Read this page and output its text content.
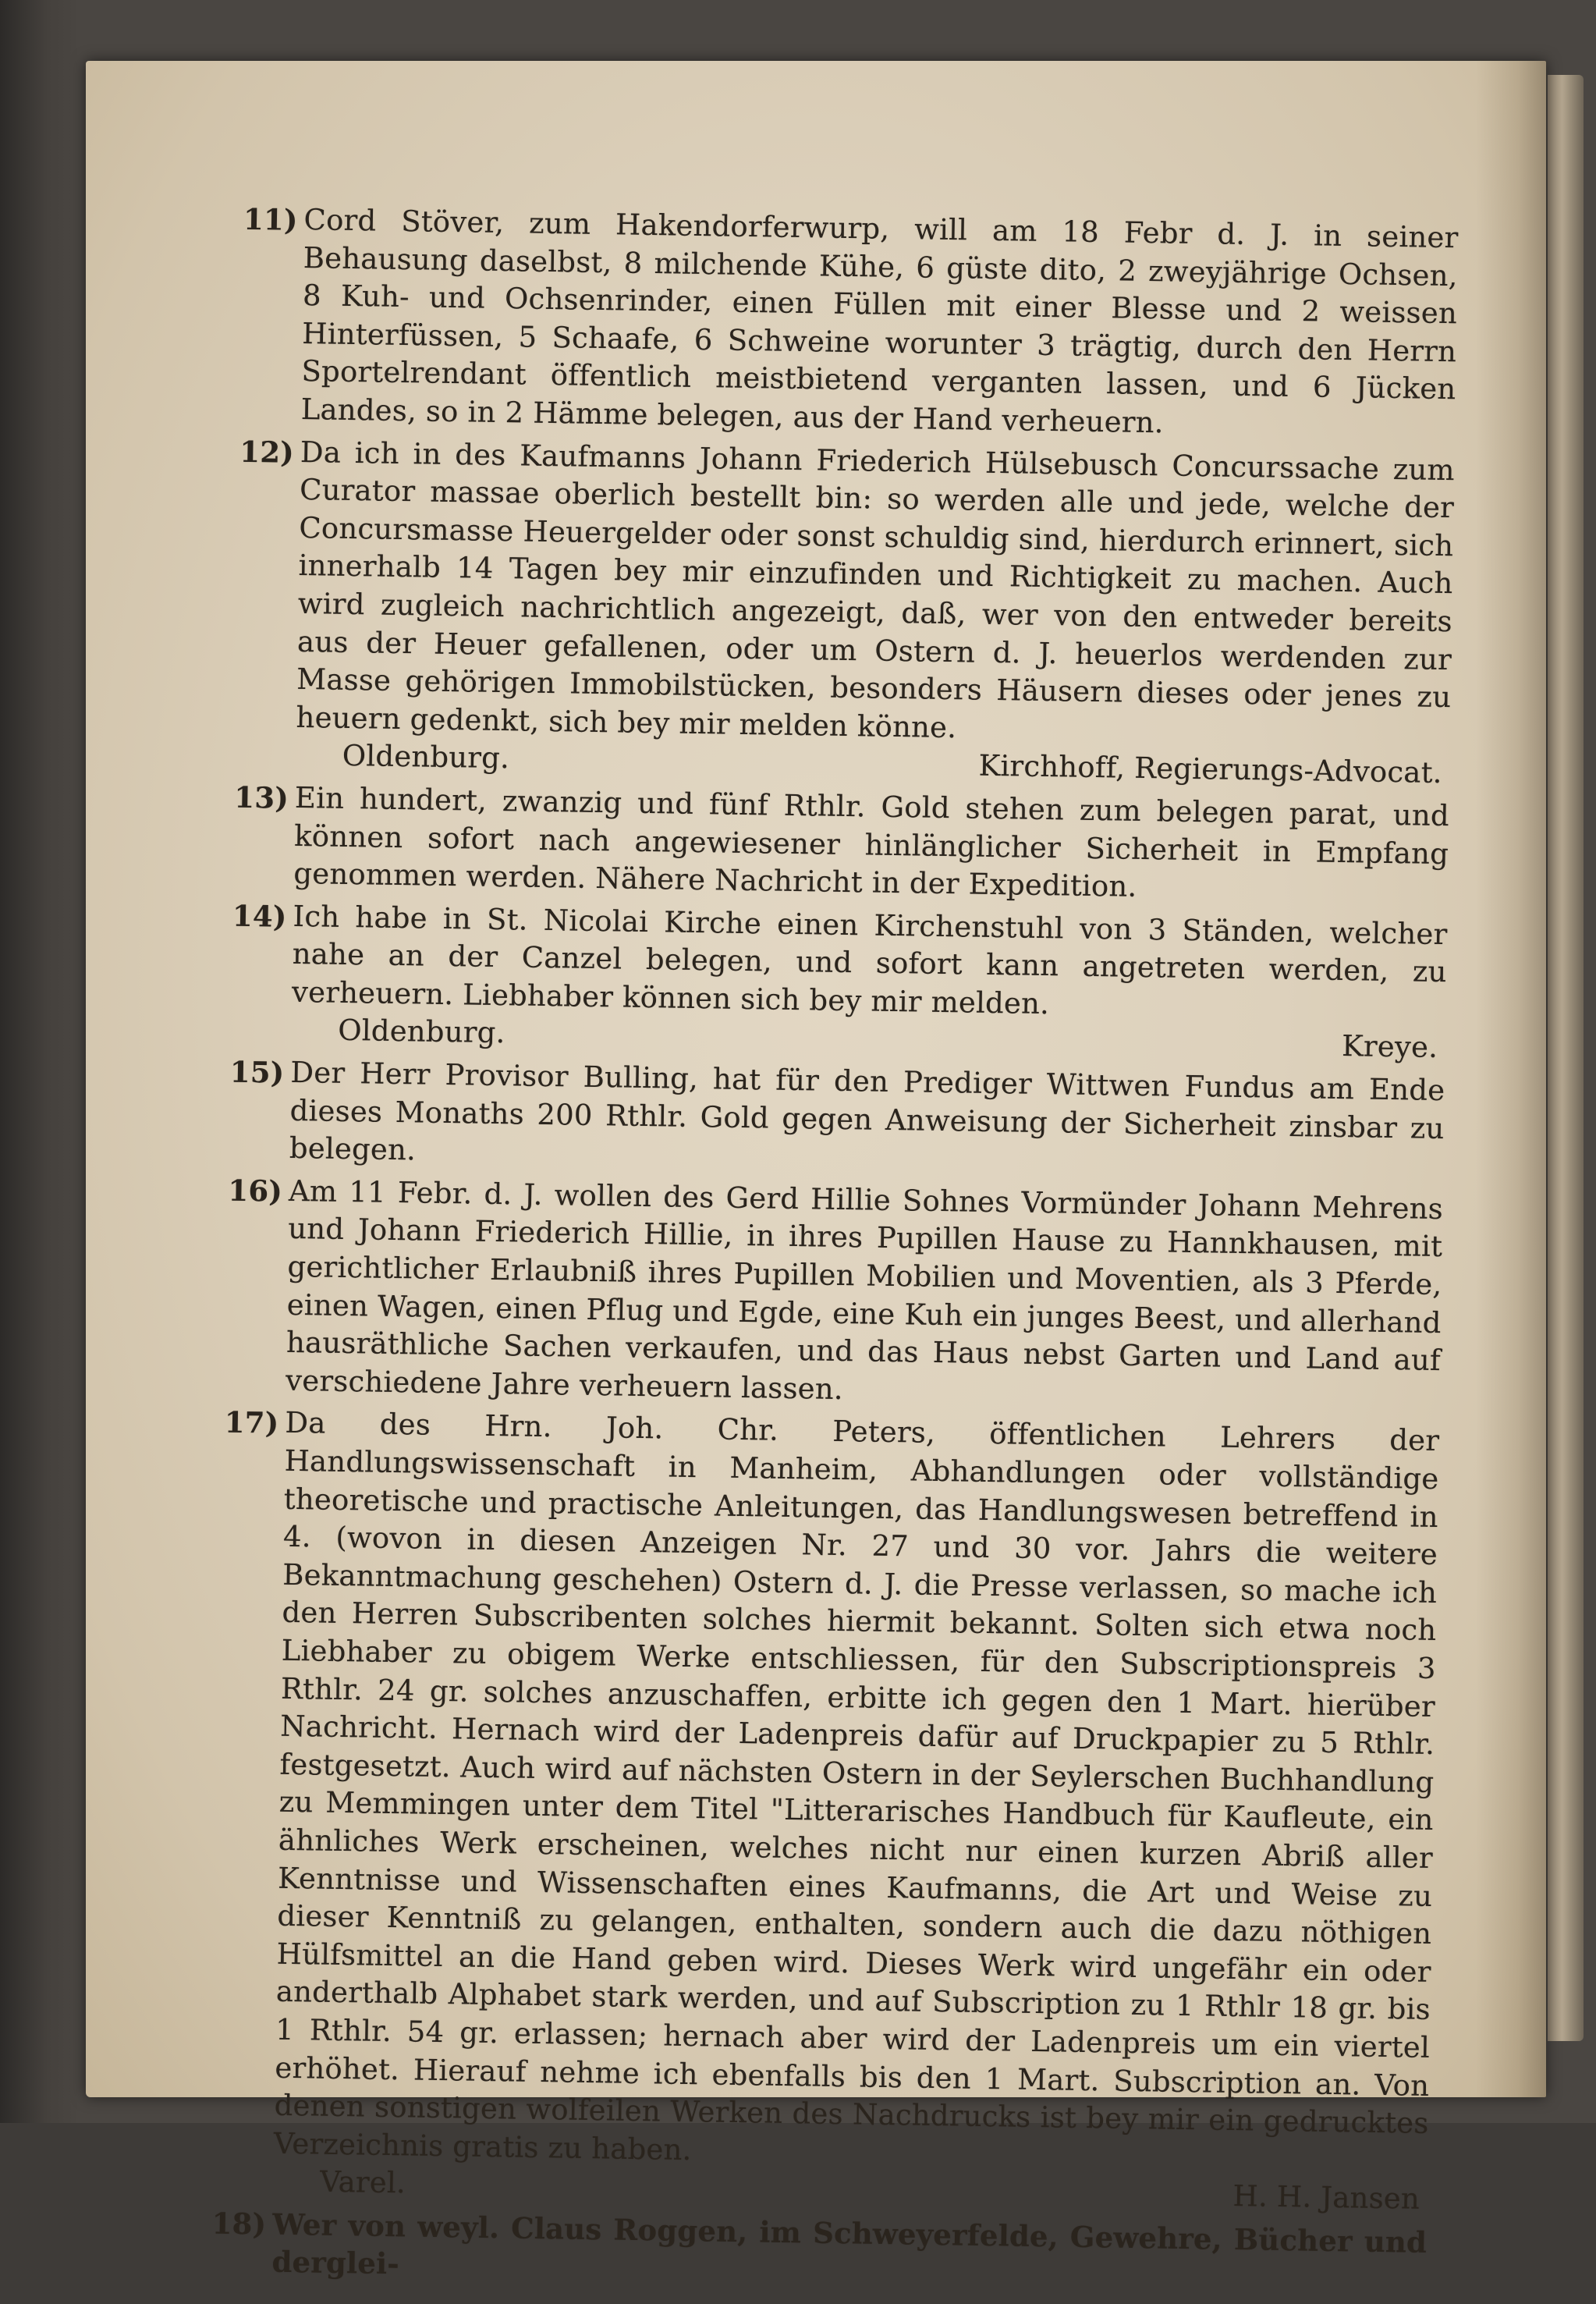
11) Cord Stöver, zum Hakendorferwurp, will am 18 Febr d. J. in seiner Behausung daselbst, 8 milchende Kühe, 6 güste dito, 2 zweyjährige Ochsen, 8 Kuh- und Ochsenrinder, einen Füllen mit einer Blesse und 2 weissen Hinterfüssen, 5 Schaafe, 6 Schweine worunter 3 trägtig, durch den Herrn Sportelrendant öffentlich meistbietend verganten lassen, und 6 Jücken Landes, so in 2 Hämme belegen, aus der Hand verheuern.
12) Da ich in des Kaufmanns Johann Friederich Hülsebusch Concurssache zum Curator massae oberlich bestellt bin: so werden alle und jede, welche der Concursmasse Heuergelder oder sonst schuldig sind, hierdurch erinnert, sich innerhalb 14 Tagen bey mir einzufinden und Richtigkeit zu machen. Auch wird zugleich nachrichtlich angezeigt, daß, wer von den entweder bereits aus der Heuer gefallenen, oder um Ostern d. J. heuerlos werdenden zur Masse gehörigen Immobilstücken, besonders Häusern dieses oder jenes zu heuern gedenkt, sich bey mir melden könne.
Oldenburg.	Kirchhoff, Regierungs-Advocat.
13) Ein hundert, zwanzig und fünf Rthlr. Gold stehen zum belegen parat, und können sofort nach angewiesener hinlänglicher Sicherheit in Empfang genommen werden. Nähere Nachricht in der Expedition.
14) Ich habe in St. Nicolai Kirche einen Kirchenstuhl von 3 Ständen, welcher nahe an der Canzel belegen, und sofort kann angetreten werden, zu verheuern. Liebhaber können sich bey mir melden.
Oldenburg.	Kreye.
15) Der Herr Provisor Bulling, hat für den Prediger Wittwen Fundus am Ende dieses Monaths 200 Rthlr. Gold gegen Anweisung der Sicherheit zinsbar zu belegen.
16) Am 11 Febr. d. J. wollen des Gerd Hillie Sohnes Vormünder Johann Mehrens und Johann Friederich Hillie, in ihres Pupillen Hause zu Hannkhausen, mit gerichtlicher Erlaubniß ihres Pupillen Mobilien und Moventien, als 3 Pferde, einen Wagen, einen Pflug und Egde, eine Kuh ein junges Beest, und allerhand hausräthliche Sachen verkaufen, und das Haus nebst Garten und Land auf verschiedene Jahre verheuern lassen.
17) Da des Hrn. Joh. Chr. Peters, öffentlichen Lehrers der Handlungswissenschaft in Manheim, Abhandlungen oder vollständige theoretische und practische Anleitungen, das Handlungswesen betreffend in 4. (wovon in diesen Anzeigen Nr. 27 und 30 vor. Jahrs die weitere Bekanntmachung geschehen) Ostern d. J. die Presse verlassen, so mache ich den Herren Subscribenten solches hiermit bekannt. Solten sich etwa noch Liebhaber zu obigem Werke entschliessen, für den Subscriptionspreis 3 Rthlr. 24 gr. solches anzuschaffen, erbitte ich gegen den 1 Mart. hierüber Nachricht. Hernach wird der Ladenpreis dafür auf Druckpapier zu 5 Rthlr. festgesetzt. Auch wird auf nächsten Ostern in der Seylerschen Buchhandlung zu Memmingen unter dem Titel "Litterarisches Handbuch für Kaufleute, ein ähnliches Werk erscheinen, welches nicht nur einen kurzen Abriß aller Kenntnisse und Wissenschaften eines Kaufmanns, die Art und Weise zu dieser Kenntniß zu gelangen, enthalten, sondern auch die dazu nöthigen Hülfsmittel an die Hand geben wird. Dieses Werk wird ungefähr ein oder anderthalb Alphabet stark werden, und auf Subscription zu 1 Rthlr 18 gr. bis 1 Rthlr. 54 gr. erlassen; hernach aber wird der Ladenpreis um ein viertel erhöhet. Hierauf nehme ich ebenfalls bis den 1 Mart. Subscription an. Von denen sonstigen wolfeilen Werken des Nachdrucks ist bey mir ein gedrucktes Verzeichnis gratis zu haben.
Varel.	H. H. Jansen
18) Wer von weyl. Claus Roggen, im Schweyerfelde, Gewehre, Bücher und derglei-
